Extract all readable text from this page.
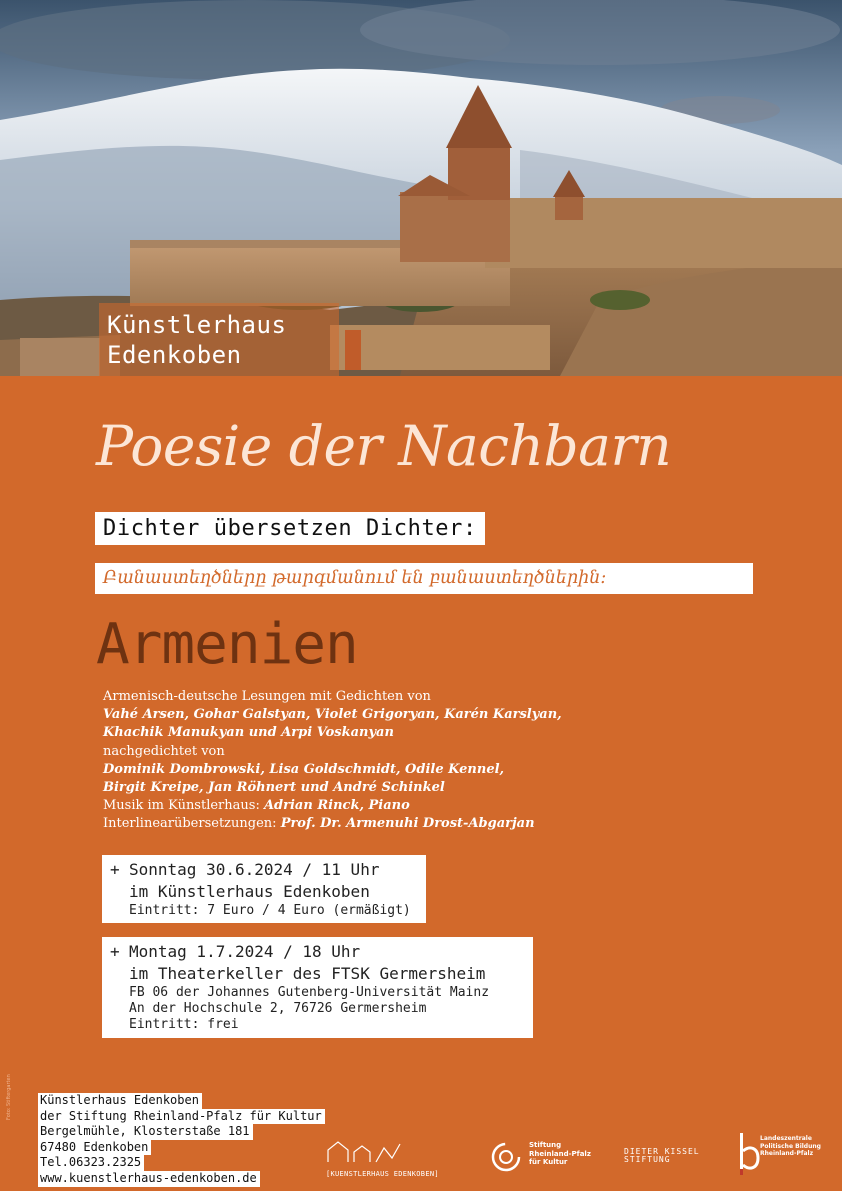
Künstlerhaus
Edenkoben
Poesie der Nachbarn
Dichter übersetzen Dichter:
Բանաստեղծները թարգմանում են բանաստեղծներին։
Armenien
Armenisch-deutsche Lesungen mit Gedichten von
Vahé Arsen, Gohar Galstyan, Violet Grigoryan, Karén Karslyan,
Khachik Manukyan und Arpi Voskanyan
nachgedichtet von
Dominik Dombrowski, Lisa Goldschmidt, Odile Kennel,
Birgit Kreipe, Jan Röhnert und André Schinkel
Musik im Künstlerhaus: Adrian Rinck, Piano
Interlinearübersetzungen: Prof. Dr. Armenuhi Drost-Abgarjan
+ Sonntag 30.6.2024 / 11 Uhr
im Künstlerhaus Edenkoben
Eintritt: 7 Euro / 4 Euro (ermäßigt)
+ Montag 1.7.2024 / 18 Uhr
im Theaterkeller des FTSK Germersheim
FB 06 der Johannes Gutenberg-Universität Mainz
An der Hochschule 2, 76726 Germersheim
Eintritt: frei
Foto: Stiftergarten Künstlerhaus Edenkoben
der Stiftung Rheinland-Pfalz für Kultur
Bergelmühle, Klosterstaße 181
67480 Edenkoben
Tel.06323.2325
www.kuenstlerhaus-edenkoben.de	[KUENSTLERHAUS EDENKOBEN]
Stiftung
Rheinland-Pfalz
für Kultur
DIETER KISSEL
STIFTUNG
Landeszentrale
Politische Bildung
Rheinland-Pfalz
